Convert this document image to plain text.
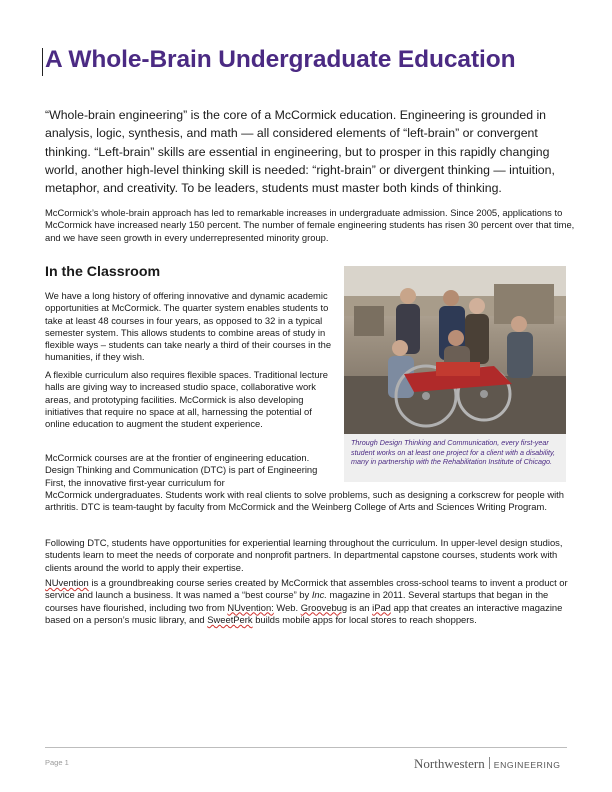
A Whole-Brain Undergraduate Education

“Whole-brain engineering” is the core of a McCormick education. Engineering is grounded in analysis, logic, synthesis, and math — all considered elements of “left-brain” or convergent thinking. “Left-brain” skills are essential in engineering, but to prosper in this rapidly changing world, another high-level thinking skill is needed: “right-brain” or divergent thinking — intuition, metaphor, and creativity. To be leaders, students must master both kinds of thinking.

McCormick’s whole-brain approach has led to remarkable increases in undergraduate admission. Since 2005, applications to McCormick have increased nearly 150 percent. The number of female engineering students has risen 30 percent over that time, and we have seen growth in every underrepresented minority group.

In the Classroom

We have a long history of offering innovative and dynamic academic opportunities at McCormick. The quarter system enables students to take at least 48 courses in four years, as opposed to 32 in a typical semester system. This allows students to combine areas of study in flexible ways – students can take nearly a third of their courses in the humanities, if they wish.

A flexible curriculum also requires flexible spaces. Traditional lecture halls are giving way to increased studio space, collaborative work areas, and prototyping facilities. McCormick is also developing initiatives that require no space at all, harnessing the potential of online education to augment the student experience.

McCormick courses are at the frontier of engineering education. Design Thinking and Communication (DTC) is part of Engineering First, the innovative first-year curriculum for
McCormick undergraduates. Students work with real clients to solve problems, such as designing a corkscrew for people with arthritis. DTC is team-taught by faculty from McCormick and the Weinberg College of Arts and Sciences Writing Program.

Following DTC, students have opportunities for experiential learning throughout the curriculum. In upper-level design studios, students learn to meet the needs of corporate and nonprofit partners. In departmental capstone courses, students work with clients around the world to apply their expertise.

NUvention is a groundbreaking course series created by McCormick that assembles cross-school teams to invent a product or service and launch a business. It was named a “best course” by Inc. magazine in 2011. Several startups that began in the courses have flourished, including two from NUvention: Web. Groovebug is an iPad app that creates an interactive magazine based on a person’s music library, and SweetPerk builds mobile apps for local stores to reach shoppers.

Through Design Thinking and Communication, every first-year student works on at least one project for a client with a disability, many in partnership with the Rehabilitation Institute of Chicago.

Page 1	Northwestern ENGINEERING
